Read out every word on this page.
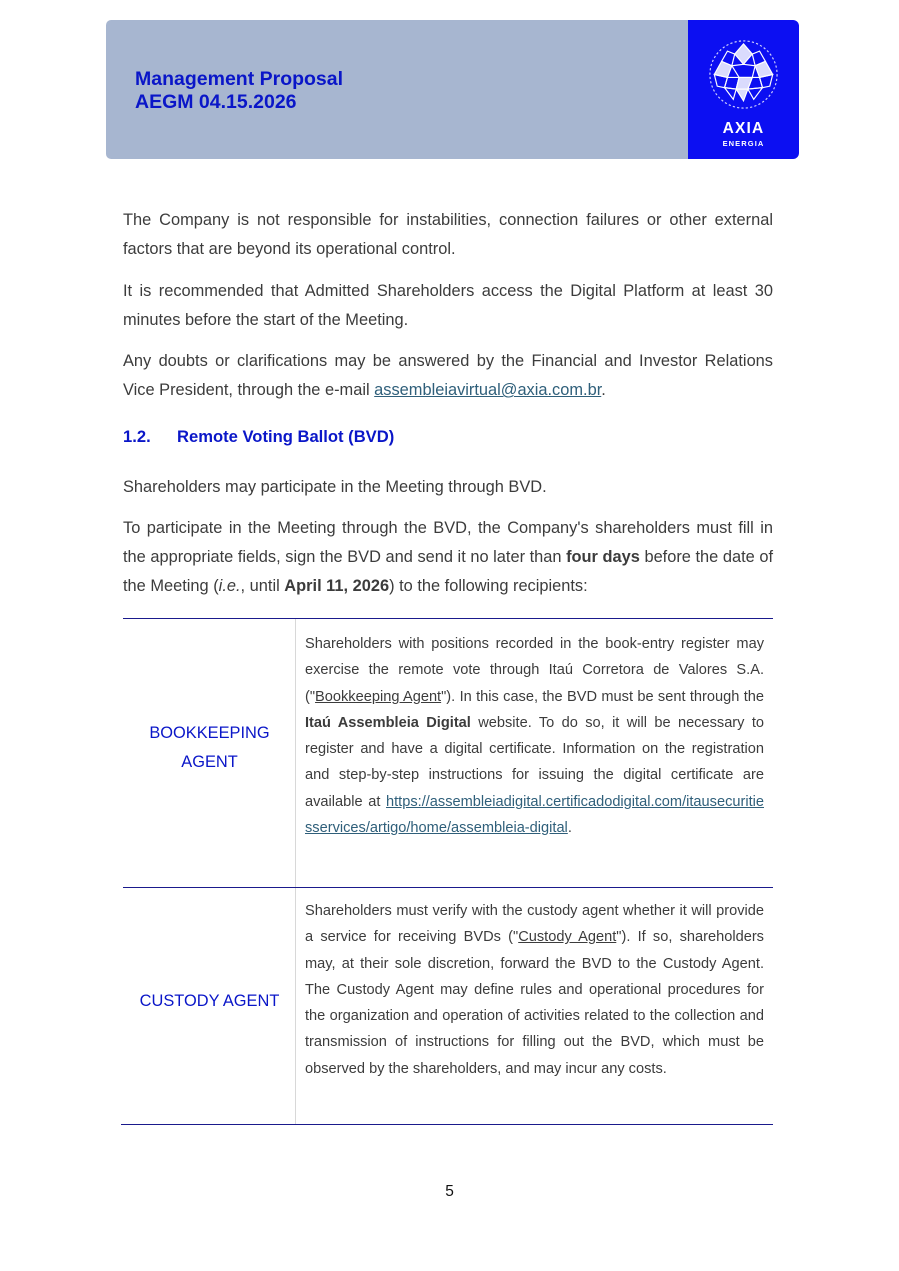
Management Proposal
AEGM 04.15.2026
AXIA
ENERGIA

The Company is not responsible for instabilities, connection failures or other external factors that are beyond its operational control.

It is recommended that Admitted Shareholders access the Digital Platform at least 30 minutes before the start of the Meeting.

Any doubts or clarifications may be answered by the Financial and Investor Relations Vice President, through the e-mail assembleiavirtual@axia.com.br.

1.2. Remote Voting Ballot (BVD)

Shareholders may participate in the Meeting through BVD.

To participate in the Meeting through the BVD, the Company's shareholders must fill in the appropriate fields, sign the BVD and send it no later than four days before the date of the Meeting (i.e., until April 11, 2026) to the following recipients:

BOOKKEEPING AGENT
Shareholders with positions recorded in the book-entry register may exercise the remote vote through Itaú Corretora de Valores S.A. ("Bookkeeping Agent"). In this case, the BVD must be sent through the Itaú Assembleia Digital website. To do so, it will be necessary to register and have a digital certificate. Information on the registration and step-by-step instructions for issuing the digital certificate are available at https://assembleiadigital.certificadodigital.com/itausecuritiesservices/artigo/home/assembleia-digital.
CUSTODY AGENT
Shareholders must verify with the custody agent whether it will provide a service for receiving BVDs ("Custody Agent"). If so, shareholders may, at their sole discretion, forward the BVD to the Custody Agent. The Custody Agent may define rules and operational procedures for the organization and operation of activities related to the collection and transmission of instructions for filling out the BVD, which must be observed by the shareholders, and may incur any costs.
5
